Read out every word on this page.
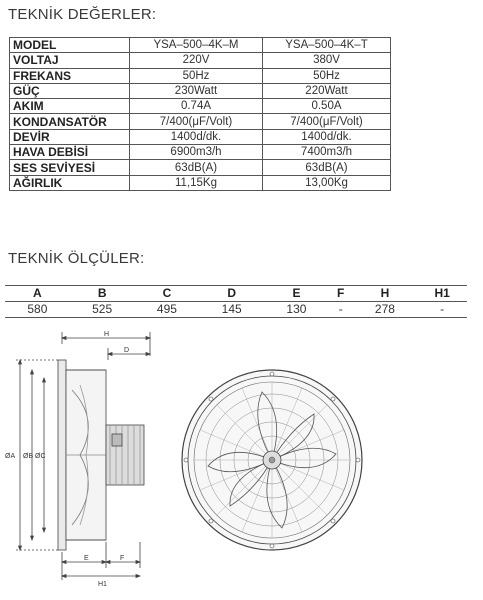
TEKNİK DEĞERLER:
MODEL	YSA–500–4K–M	YSA–500–4K–T
VOLTAJ	220V	380V
FREKANS	50Hz	50Hz
GÜÇ	230Watt	220Watt
AKIM	0.74A	0.50A
KONDANSATÖR	7/400(μF/Volt)	7/400(μF/Volt)
DEVİR	1400d/dk.	1400d/dk.
HAVA DEBİSİ	6900m3/h	7400m3/h
SES SEVİYESİ	63dB(A)	63dB(A)
AĞIRLIK	11,15Kg	13,00Kg
TEKNİK ÖLÇÜLER:
A	B	C	D	E	F	H	H1
580	525	495	145	130	-	278	-
H
D
ØA ØB ØC
E	F
H1
